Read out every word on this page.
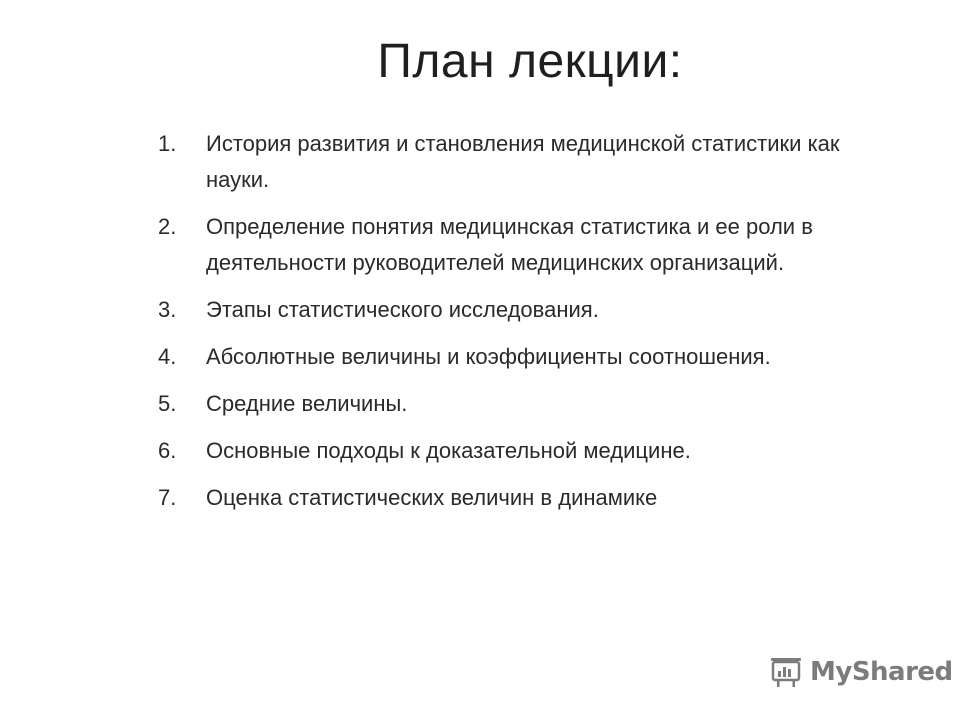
План лекции:
1.	История развития и становления медицинской статистики как науки.
2.	Определение понятия медицинская статистика и ее роли в деятельности руководителей медицинских организаций.
3.	Этапы статистического исследования.
4.	Абсолютные величины и коэффициенты соотношения.
5.	Средние величины.
6.	Основные подходы к доказательной медицине.
7.	Оценка статистических величин в динамике
MyShared
